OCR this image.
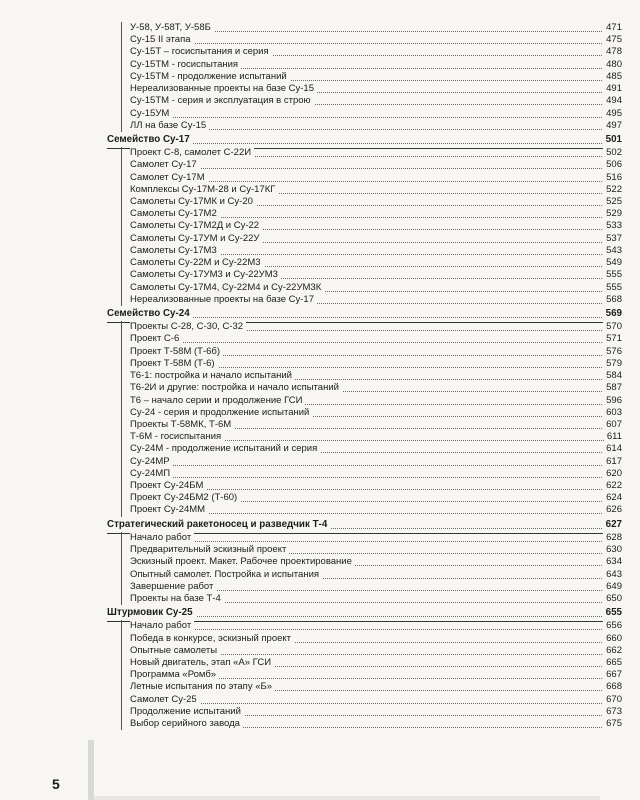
У-58, У-58Т, У-58Б	471
Су-15 II этапа	475
Су-15Т – госиспытания и серия	478
Су-15ТМ - госиспытания	480
Су-15ТМ - продолжение испытаний	485
Нереализованные проекты на базе Су-15	491
Су-15ТМ - серия и эксплуатация в строю	494
Су-15УМ	495
ЛЛ на базе Су-15	497
Семейство Су-17	501
Проект С-8, самолет С-22И	502
Самолет Су-17	506
Самолет Су-17М	516
Комплексы Су-17М-28 и Су-17КГ	522
Самолеты Су-17МК и Су-20	525
Самолеты Су-17М2	529
Самолеты Су-17М2Д и Су-22	533
Самолеты Су-17УМ и Су-22У	537
Самолеты Су-17М3	543
Самолеты Су-22М и Су-22М3	549
Самолеты Су-17УМ3 и Су-22УМ3	555
Самолеты Су-17М4, Су-22М4 и Су-22УМ3К	555
Нереализованные проекты на базе Су-17	568
Семейство Су-24	569
Проекты С-28, С-30, С-32	570
Проект С-6	571
Проект Т-58М (Т-6б)	576
Проект Т-58М (Т-6)	579
Т6-1: постройка и начало испытаний	584
Т6-2И и другие: постройка и начало испытаний	587
Т6 – начало серии и продолжение ГСИ	596
Су-24 - серия и продолжение испытаний	603
Проекты Т-58МК, Т-6М	607
Т-6М - госиспытания	611
Су-24М - продолжение испытаний и серия	614
Су-24МР	617
Су-24МП	620
Проект Су-24БМ	622
Проект Су-24БМ2 (Т-60)	624
Проект Су-24ММ	626
Стратегический ракетоносец и разведчик Т-4	627
Начало работ	628
Предварительный эскизный проект	630
Эскизный проект. Макет. Рабочее проектирование	634
Опытный самолет. Постройка и испытания	643
Завершение работ	649
Проекты на базе Т-4	650
Штурмовик Су-25	655
Начало работ	656
Победа в конкурсе, эскизный проект	660
Опытные самолеты	662
Новый двигатель, этап «А» ГСИ	665
Программа «Ромб»	667
Летные испытания по этапу «Б»	668
Самолет Су-25	670
Продолжение испытаний	673
Выбор серийного завода	675
5
